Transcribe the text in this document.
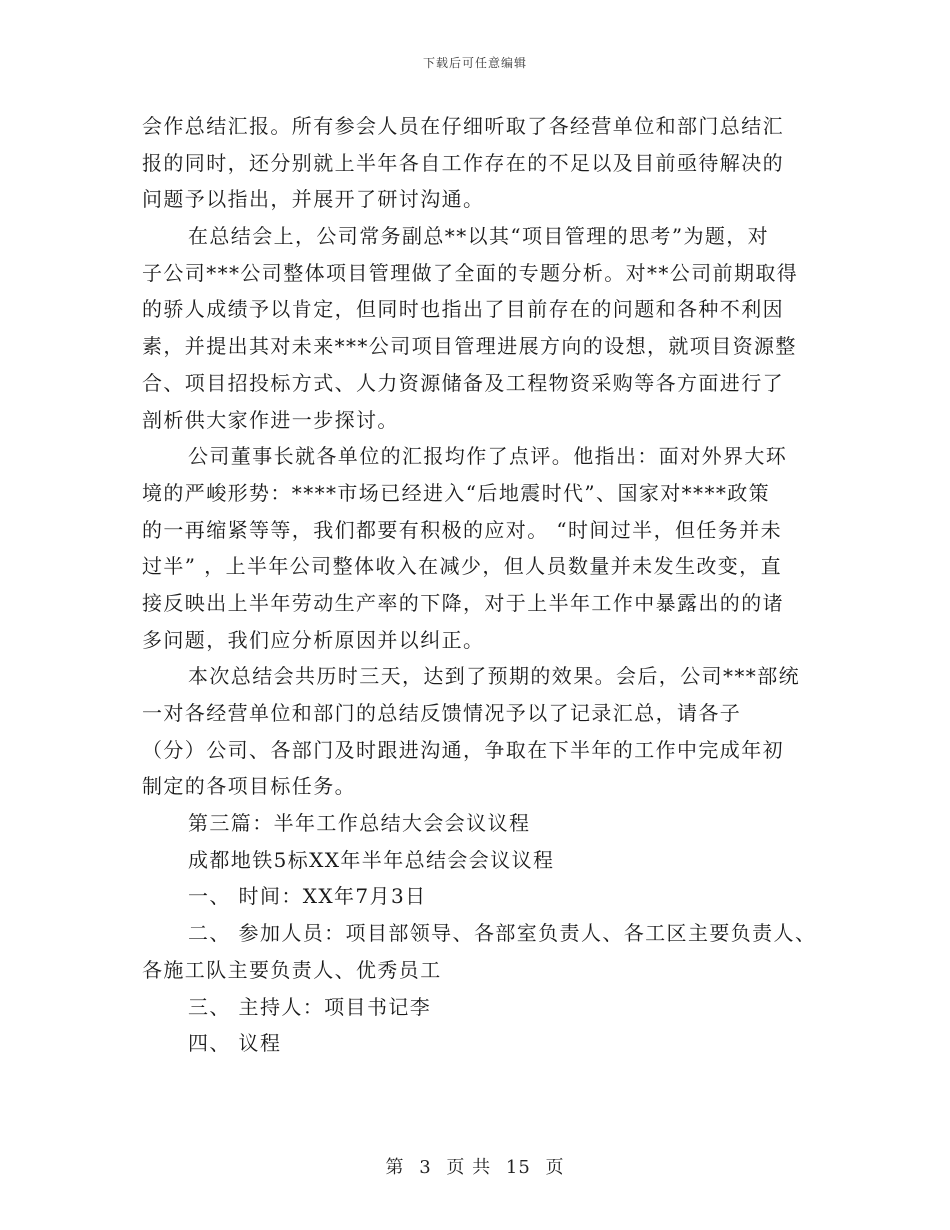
下载后可任意编辑
会作总结汇报。所有参会人员在仔细听取了各经营单位和部门总结汇
报的同时，还分别就上半年各自工作存在的不足以及目前亟待解决的
问题予以指出，并展开了研讨沟通。
在总结会上，公司常务副总**以其“项目管理的思考”为题，对
子公司***公司整体项目管理做了全面的专题分析。对**公司前期取得
的骄人成绩予以肯定，但同时也指出了目前存在的问题和各种不利因
素，并提出其对未来***公司项目管理进展方向的设想，就项目资源整
合、项目招投标方式、人力资源储备及工程物资采购等各方面进行了
剖析供大家作进一步探讨。
公司董事长就各单位的汇报均作了点评。他指出：面对外界大环
境的严峻形势：****市场已经进入“后地震时代”、国家对****政策
的一再缩紧等等，我们都要有积极的应对。 “时间过半，但任务并未
过半” ，上半年公司整体收入在减少，但人员数量并未发生改变，直
接反映出上半年劳动生产率的下降，对于上半年工作中暴露出的的诸
多问题，我们应分析原因并以纠正。
本次总结会共历时三天，达到了预期的效果。会后，公司***部统
一对各经营单位和部门的总结反馈情况予以了记录汇总，请各子
（分）公司、各部门及时跟进沟通，争取在下半年的工作中完成年初
制定的各项目标任务。
第三篇：半年工作总结大会会议议程
成都地铁5标XX年半年总结会会议议程
一、 时间：XX年7月3日
二、 参加人员：项目部领导、各部室负责人、各工区主要负责人、
各施工队主要负责人、优秀员工
三、 主持人：项目书记李
四、 议程
第 3 页 共 15 页
